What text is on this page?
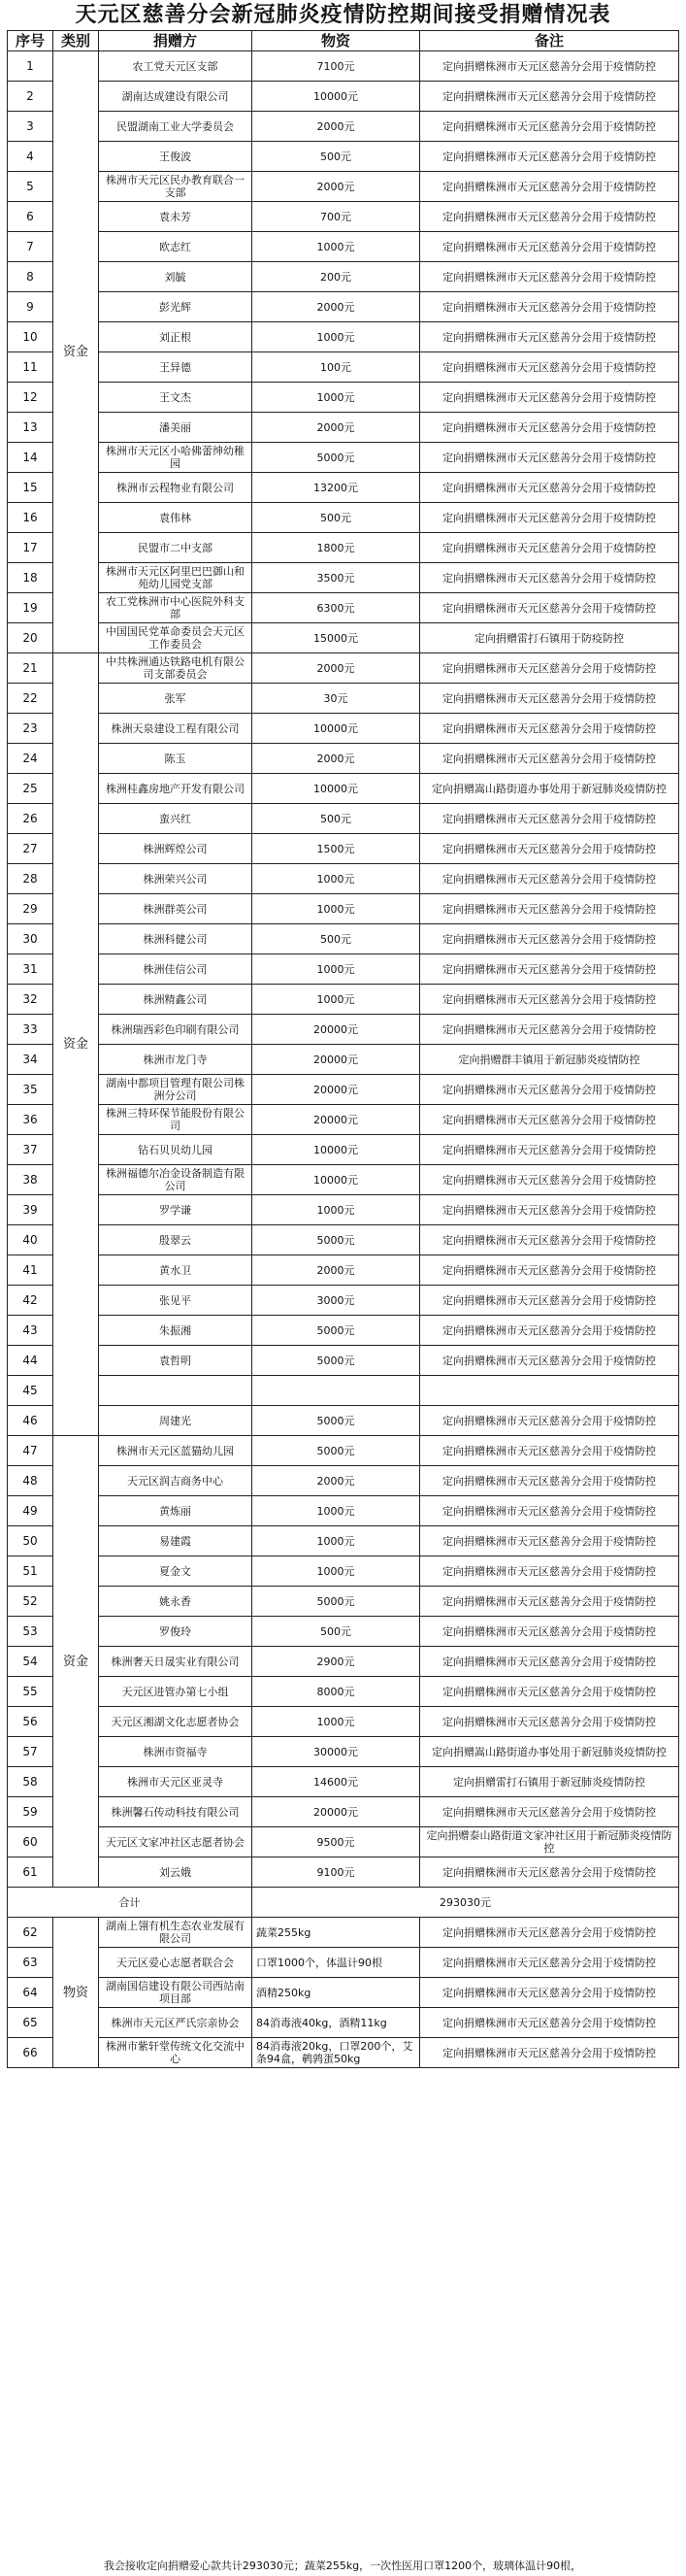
天元区慈善分会新冠肺炎疫情防控期间接受捐赠情况表
序号	类别	捐赠方	物资	备注
1	资金	农工党天元区支部	7100元	定向捐赠株洲市天元区慈善分会用于疫情防控
2		湖南达成建设有限公司	10000元	定向捐赠株洲市天元区慈善分会用于疫情防控
3		民盟湖南工业大学委员会	2000元	定向捐赠株洲市天元区慈善分会用于疫情防控
4		王俊波	500元	定向捐赠株洲市天元区慈善分会用于疫情防控
5		株洲市天元区民办教育联合一支部	2000元	定向捐赠株洲市天元区慈善分会用于疫情防控
6		袁未芳	700元	定向捐赠株洲市天元区慈善分会用于疫情防控
7		欧志红	1000元	定向捐赠株洲市天元区慈善分会用于疫情防控
8		刘毓	200元	定向捐赠株洲市天元区慈善分会用于疫情防控
9		彭光辉	2000元	定向捐赠株洲市天元区慈善分会用于疫情防控
10		刘正根	1000元	定向捐赠株洲市天元区慈善分会用于疫情防控
11		王异德	100元	定向捐赠株洲市天元区慈善分会用于疫情防控
12		王文杰	1000元	定向捐赠株洲市天元区慈善分会用于疫情防控
13		潘美丽	2000元	定向捐赠株洲市天元区慈善分会用于疫情防控
14		株洲市天元区小哈佛蕾绅幼稚园	5000元	定向捐赠株洲市天元区慈善分会用于疫情防控
15		株洲市云程物业有限公司	13200元	定向捐赠株洲市天元区慈善分会用于疫情防控
16		袁伟林	500元	定向捐赠株洲市天元区慈善分会用于疫情防控
17		民盟市二中支部	1800元	定向捐赠株洲市天元区慈善分会用于疫情防控
18		株洲市天元区阿里巴巴御山和苑幼儿园党支部	3500元	定向捐赠株洲市天元区慈善分会用于疫情防控
19		农工党株洲市中心医院外科支部	6300元	定向捐赠株洲市天元区慈善分会用于疫情防控
20		中国国民党革命委员会天元区工作委员会	15000元	定向捐赠雷打石镇用于防疫防控
21	资金	中共株洲通达铁路电机有限公司支部委员会	2000元	定向捐赠株洲市天元区慈善分会用于疫情防控
22		张军	30元	定向捐赠株洲市天元区慈善分会用于疫情防控
23		株洲天泉建设工程有限公司	10000元	定向捐赠株洲市天元区慈善分会用于疫情防控
24		陈玉	2000元	定向捐赠株洲市天元区慈善分会用于疫情防控
25		株洲桂鑫房地产开发有限公司	10000元	定向捐赠嵩山路街道办事处用于新冠肺炎疫情防控
26		蛮兴红	500元	定向捐赠株洲市天元区慈善分会用于疫情防控
27		株洲辉煌公司	1500元	定向捐赠株洲市天元区慈善分会用于疫情防控
28		株洲荣兴公司	1000元	定向捐赠株洲市天元区慈善分会用于疫情防控
29		株洲群英公司	1000元	定向捐赠株洲市天元区慈善分会用于疫情防控
30		株洲科健公司	500元	定向捐赠株洲市天元区慈善分会用于疫情防控
31		株洲佳信公司	1000元	定向捐赠株洲市天元区慈善分会用于疫情防控
32		株洲精鑫公司	1000元	定向捐赠株洲市天元区慈善分会用于疫情防控
33		株洲瑞西彩色印刷有限公司	20000元	定向捐赠株洲市天元区慈善分会用于疫情防控
34		株洲市龙门寺	20000元	定向捐赠群丰镇用于新冠肺炎疫情防控
35		湖南中都项目管理有限公司株洲分公司	20000元	定向捐赠株洲市天元区慈善分会用于疫情防控
36		株洲三特环保节能股份有限公司	20000元	定向捐赠株洲市天元区慈善分会用于疫情防控
37		钻石贝贝幼儿园	10000元	定向捐赠株洲市天元区慈善分会用于疫情防控
38		株洲福德尔冶金设备制造有限公司	10000元	定向捐赠株洲市天元区慈善分会用于疫情防控
39		罗学谦	1000元	定向捐赠株洲市天元区慈善分会用于疫情防控
40		殷翠云	5000元	定向捐赠株洲市天元区慈善分会用于疫情防控
41		黄水卫	2000元	定向捐赠株洲市天元区慈善分会用于疫情防控
42		张见平	3000元	定向捐赠株洲市天元区慈善分会用于疫情防控
43		朱振湘	5000元	定向捐赠株洲市天元区慈善分会用于疫情防控
44		袁哲明	5000元	定向捐赠株洲市天元区慈善分会用于疫情防控
45				
46		周建光	5000元	定向捐赠株洲市天元区慈善分会用于疫情防控
47	资金	株洲市天元区蓝猫幼儿园	5000元	定向捐赠株洲市天元区慈善分会用于疫情防控
48		天元区润吉商务中心	2000元	定向捐赠株洲市天元区慈善分会用于疫情防控
49		黄炼丽	1000元	定向捐赠株洲市天元区慈善分会用于疫情防控
50		易建霞	1000元	定向捐赠株洲市天元区慈善分会用于疫情防控
51		夏金文	1000元	定向捐赠株洲市天元区慈善分会用于疫情防控
52		姚永香	5000元	定向捐赠株洲市天元区慈善分会用于疫情防控
53		罗俊玲	500元	定向捐赠株洲市天元区慈善分会用于疫情防控
54		株洲奢天日晟实业有限公司	2900元	定向捐赠株洲市天元区慈善分会用于疫情防控
55		天元区进管办第七小组	8000元	定向捐赠株洲市天元区慈善分会用于疫情防控
56		天元区湘湖文化志愿者协会	1000元	定向捐赠株洲市天元区慈善分会用于疫情防控
57		株洲市资福寺	30000元	定向捐赠嵩山路街道办事处用于新冠肺炎疫情防控
58		株洲市天元区亚灵寺	14600元	定向捐赠雷打石镇用于新冠肺炎疫情防控
59		株洲馨石传动科技有限公司	20000元	定向捐赠株洲市天元区慈善分会用于疫情防控
60		天元区文家冲社区志愿者协会	9500元	定向捐赠泰山路街道文家冲社区用于新冠肺炎疫情防控
61		刘云娥	9100元	定向捐赠株洲市天元区慈善分会用于疫情防控
合计			293030元	
62	物资	湖南上翎有机生态农业发展有限公司	蔬菜255kg	定向捐赠株洲市天元区慈善分会用于疫情防控
63		天元区爱心志愿者联合会	口罩1000个，体温计90根	定向捐赠株洲市天元区慈善分会用于疫情防控
64		湖南国信建设有限公司西站南项目部	酒精250kg	定向捐赠株洲市天元区慈善分会用于疫情防控
65		株洲市天元区严氏宗亲协会	84消毒液40kg，酒精11kg	定向捐赠株洲市天元区慈善分会用于疫情防控
66		株洲市紫轩堂传统文化交流中心	84消毒液20kg，口罩200个，艾条94盒，鹌鹑蛋50kg	定向捐赠株洲市天元区慈善分会用于疫情防控
我会接收定向捐赠爱心款共计293030元；蔬菜255kg，一次性医用口罩1200个，玻璃体温计90根，
